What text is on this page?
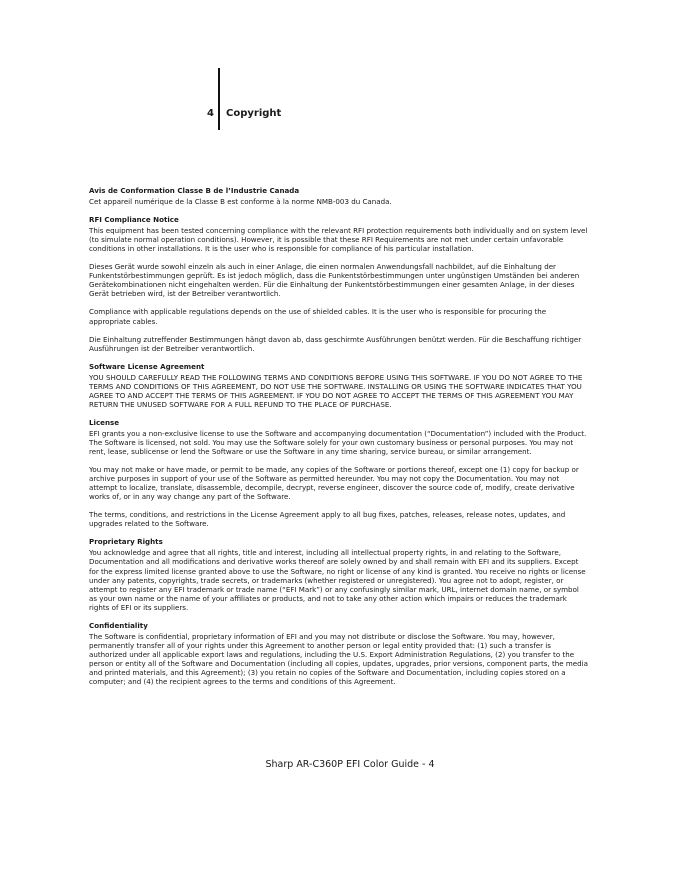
4 Copyright
Avis de Conformation Classe B de l’Industrie Canada

Cet appareil numérique de la Classe B est conforme à la norme NMB-003 du Canada.

RFI Compliance Notice

This equipment has been tested concerning compliance with the relevant RFI protection requirements both individually and on system level (to simulate normal operation conditions). However, it is possible that these RFI Requirements are not met under certain unfavorable conditions in other installations. It is the user who is responsible for compliance of his particular installation.

Dieses Gerät wurde sowohl einzeln als auch in einer Anlage, die einen normalen Anwendungsfall nachbildet, auf die Einhaltung der Funkentstörbestimmungen geprüft. Es ist jedoch möglich, dass die Funkentstörbestimmungen unter ungünstigen Umständen bei anderen Gerätekombinationen nicht eingehalten werden. Für die Einhaltung der Funkentstörbestimmungen einer gesamten Anlage, in der dieses Gerät betrieben wird, ist der Betreiber verantwortlich.

Compliance with applicable regulations depends on the use of shielded cables. It is the user who is responsible for procuring the appropriate cables.

Die Einhaltung zutreffender Bestimmungen hängt davon ab, dass geschirmte Ausführungen benützt werden. Für die Beschaffung richtiger Ausführungen ist der Betreiber verantwortlich.

Software License Agreement

YOU SHOULD CAREFULLY READ THE FOLLOWING TERMS AND CONDITIONS BEFORE USING THIS SOFTWARE. IF YOU DO NOT AGREE TO THE TERMS AND CONDITIONS OF THIS AGREEMENT, DO NOT USE THE SOFTWARE. INSTALLING OR USING THE SOFTWARE INDICATES THAT YOU AGREE TO AND ACCEPT THE TERMS OF THIS AGREEMENT. IF YOU DO NOT AGREE TO ACCEPT THE TERMS OF THIS AGREEMENT YOU MAY RETURN THE UNUSED SOFTWARE FOR A FULL REFUND TO THE PLACE OF PURCHASE.

License

EFI grants you a non-exclusive license to use the Software and accompanying documentation (“Documentation”) included with the Product. The Software is licensed, not sold. You may use the Software solely for your own customary business or personal purposes. You may not rent, lease, sublicense or lend the Software or use the Software in any time sharing, service bureau, or similar arrangement.

You may not make or have made, or permit to be made, any copies of the Software or portions thereof, except one (1) copy for backup or archive purposes in support of your use of the Software as permitted hereunder. You may not copy the Documentation. You may not attempt to localize, translate, disassemble, decompile, decrypt, reverse engineer, discover the source code of, modify, create derivative works of, or in any way change any part of the Software.

The terms, conditions, and restrictions in the License Agreement apply to all bug fixes, patches, releases, release notes, updates, and upgrades related to the Software.

Proprietary Rights

You acknowledge and agree that all rights, title and interest, including all intellectual property rights, in and relating to the Software, Documentation and all modifications and derivative works thereof are solely owned by and shall remain with EFI and its suppliers. Except for the express limited license granted above to use the Software, no right or license of any kind is granted. You receive no rights or license under any patents, copyrights, trade secrets, or trademarks (whether registered or unregistered). You agree not to adopt, register, or attempt to register any EFI trademark or trade name (“EFI Mark”) or any confusingly similar mark, URL, internet domain name, or symbol as your own name or the name of your affiliates or products, and not to take any other action which impairs or reduces the trademark rights of EFI or its suppliers.

Confidentiality

The Software is confidential, proprietary information of EFI and you may not distribute or disclose the Software. You may, however, permanently transfer all of your rights under this Agreement to another person or legal entity provided that: (1) such a transfer is authorized under all applicable export laws and regulations, including the U.S. Export Administration Regulations, (2) you transfer to the person or entity all of the Software and Documentation (including all copies, updates, upgrades, prior versions, component parts, the media and printed materials, and this Agreement); (3) you retain no copies of the Software and Documentation, including copies stored on a computer; and (4) the recipient agrees to the terms and conditions of this Agreement.

Sharp AR-C360P EFI Color Guide - 4
